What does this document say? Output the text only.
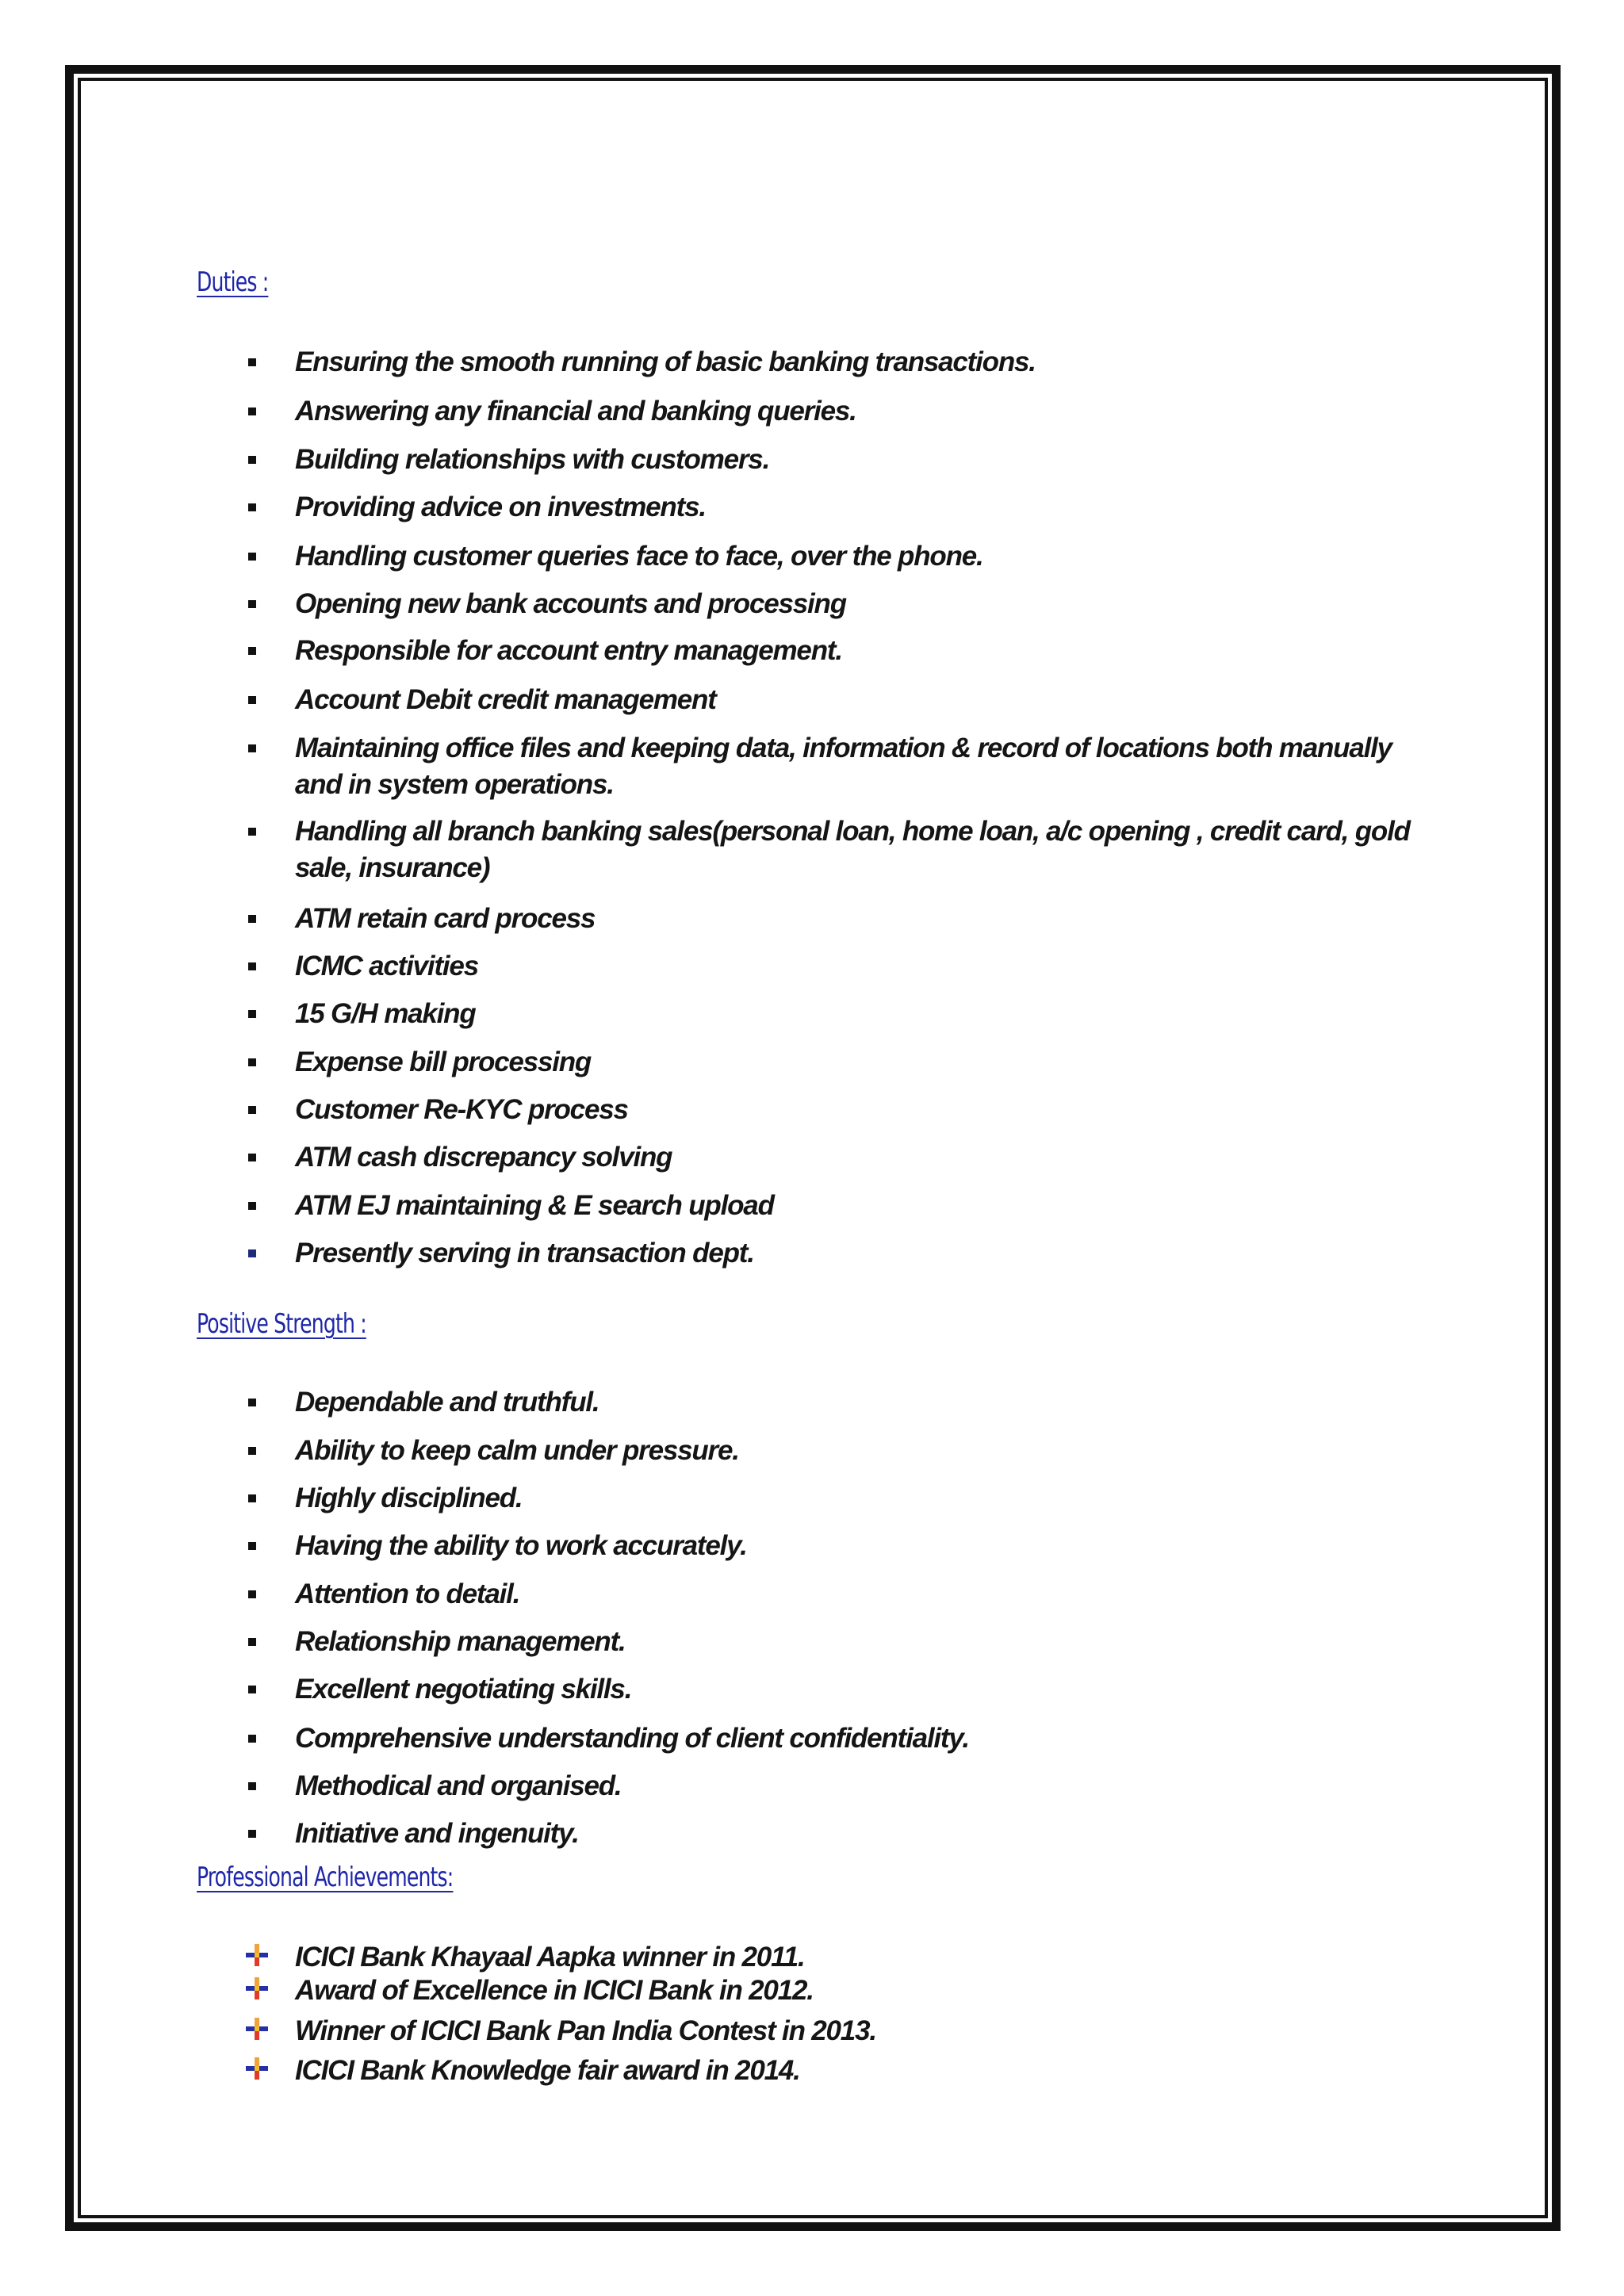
Duties :
Ensuring the smooth running of basic banking transactions.
Answering any financial and banking queries.
Building relationships with customers.
Providing advice on investments.
Handling customer queries face to face, over the phone.
Opening new bank accounts and processing
Responsible for account entry management.
Account Debit credit management
Maintaining office files and keeping data, information & record of locations both manually and in system operations.
Handling all branch banking sales(personal loan, home loan, a/c opening , credit card, gold sale, insurance)
ATM retain card process
ICMC activities
15 G/H making
Expense bill processing
Customer Re-KYC process
ATM cash discrepancy solving
ATM EJ maintaining & E search upload
Presently serving in transaction dept.
Positive Strength :
Dependable and truthful.
Ability to keep calm under pressure.
Highly disciplined.
Having the ability to work accurately.
Attention to detail.
Relationship management.
Excellent negotiating skills.
Comprehensive understanding of client confidentiality.
Methodical and organised.
Initiative and ingenuity.
Professional Achievements:
ICICI Bank Khayaal Aapka winner in 2011.
Award of Excellence in ICICI Bank in 2012.
Winner of ICICI Bank Pan India Contest in 2013.
ICICI Bank Knowledge fair award in 2014.
